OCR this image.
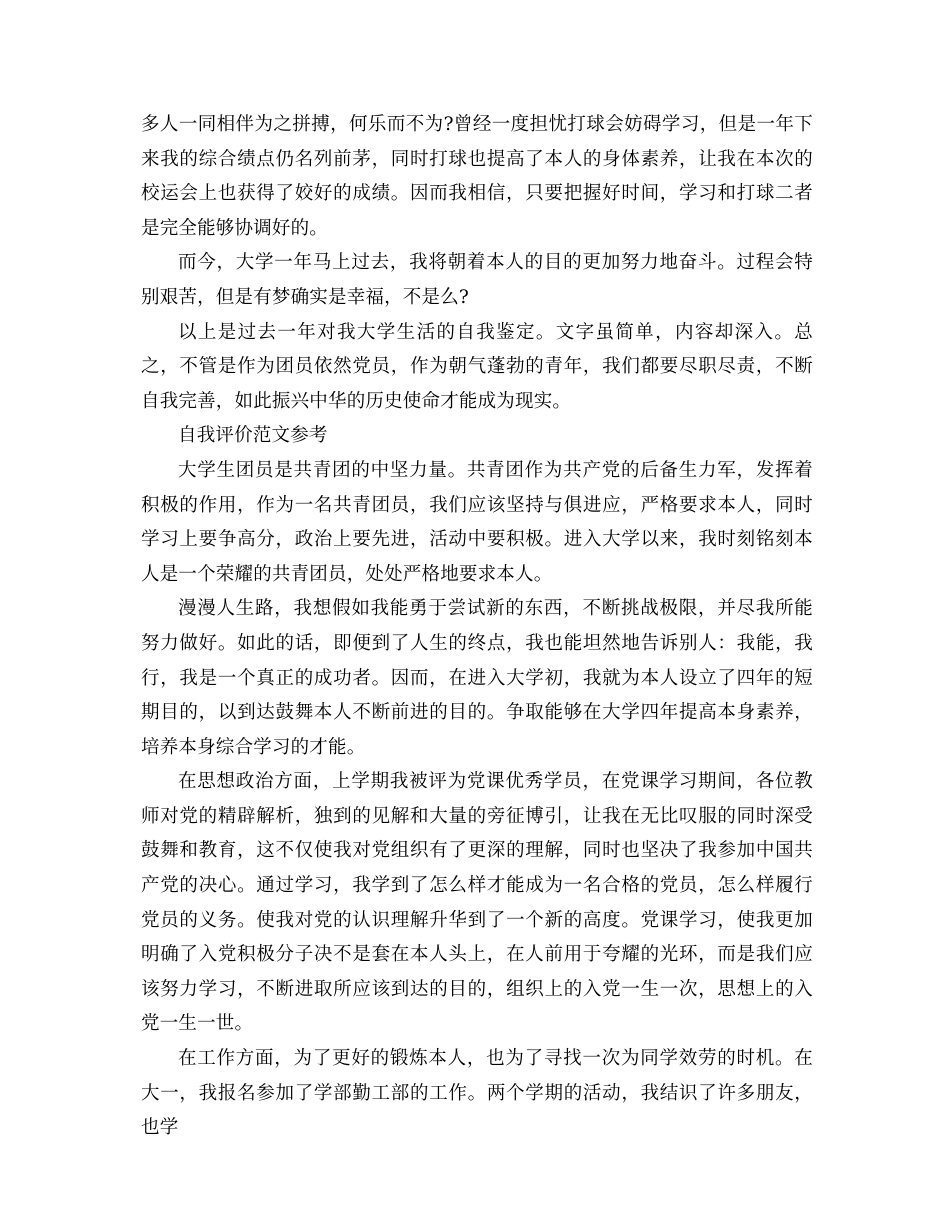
多人一同相伴为之拼搏，何乐而不为?曾经一度担忧打球会妨碍学习，但是一年下来我的综合绩点仍名列前茅，同时打球也提高了本人的身体素养，让我在本次的校运会上也获得了姣好的成绩。因而我相信，只要把握好时间，学习和打球二者是完全能够协调好的。

而今，大学一年马上过去，我将朝着本人的目的更加努力地奋斗。过程会特别艰苦，但是有梦确实是幸福，不是么?

以上是过去一年对我大学生活的自我鉴定。文字虽简单，内容却深入。总之，不管是作为团员依然党员，作为朝气蓬勃的青年，我们都要尽职尽责，不断自我完善，如此振兴中华的历史使命才能成为现实。

自我评价范文参考

大学生团员是共青团的中坚力量。共青团作为共产党的后备生力军，发挥着积极的作用，作为一名共青团员，我们应该坚持与俱进应，严格要求本人，同时学习上要争高分，政治上要先进，活动中要积极。进入大学以来，我时刻铭刻本人是一个荣耀的共青团员，处处严格地要求本人。

漫漫人生路，我想假如我能勇于尝试新的东西，不断挑战极限，并尽我所能努力做好。如此的话，即便到了人生的终点，我也能坦然地告诉别人：我能，我行，我是一个真正的成功者。因而，在进入大学初，我就为本人设立了四年的短期目的，以到达鼓舞本人不断前进的目的。争取能够在大学四年提高本身素养，培养本身综合学习的才能。

在思想政治方面，上学期我被评为党课优秀学员，在党课学习期间，各位教师对党的精辟解析，独到的见解和大量的旁征博引，让我在无比叹服的同时深受鼓舞和教育，这不仅使我对党组织有了更深的理解，同时也坚决了我参加中国共产党的决心。通过学习，我学到了怎么样才能成为一名合格的党员，怎么样履行党员的义务。使我对党的认识理解升华到了一个新的高度。党课学习，使我更加明确了入党积极分子决不是套在本人头上，在人前用于夸耀的光环，而是我们应该努力学习，不断进取所应该到达的目的，组织上的入党一生一次，思想上的入党一生一世。

在工作方面，为了更好的锻炼本人，也为了寻找一次为同学效劳的时机。在大一，我报名参加了学部勤工部的工作。两个学期的活动，我结识了许多朋友，也学
